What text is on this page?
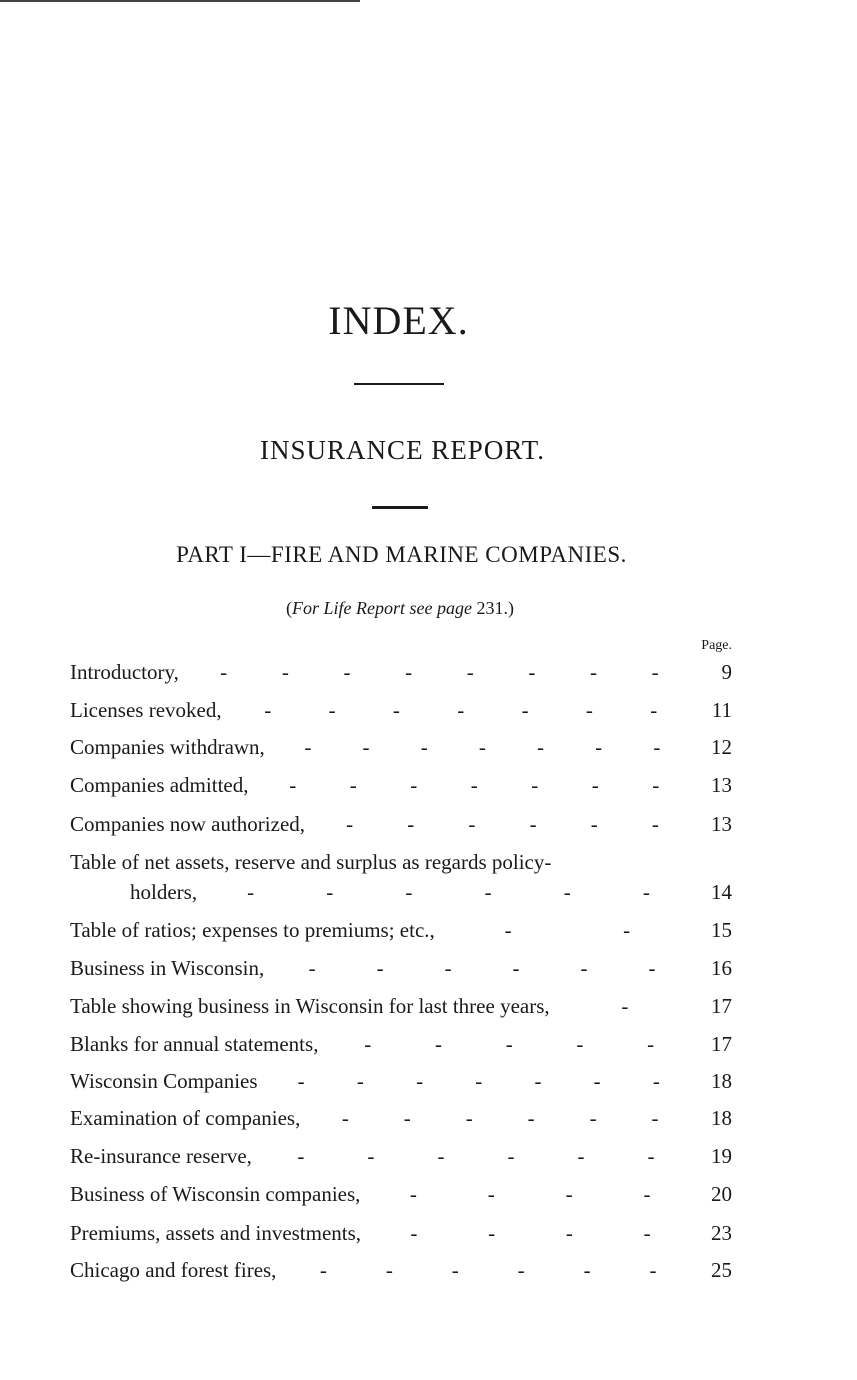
INDEX.
INSURANCE REPORT.
PART I—FIRE AND MARINE COMPANIES.
(For Life Report see page 231.)
Page.
Introductory, -	-	-	-	-	-	-	-	9
Licenses revoked, -	-	-	-	-	-	-	11
Companies withdrawn, - - - - - - -	12
Companies admitted, -	-	-	-	-	-	-	13
Companies now authorized, -	-	-	-	-	-	13
Table of net assets, reserve and surplus as regards policy-
holders, -	-	-	-	-	-	14
Table of ratios; expenses to premiums; etc.,	-	-	15
Business in Wisconsin, -	-	-	-	-	-	16
Table showing business in Wisconsin for last three years,	-	17
Blanks for annual statements, -	-	-	-	-	17
Wisconsin Companies - - - - - - -	18
Examination of companies, -	-	-	-	-	-	18
Re-insurance reserve, -	-	-	-	-	-	19
Business of Wisconsin companies, -	-	-	-	20
Premiums, assets and investments, -	-	-	-	23
Chicago and forest fires, -	-	-	-	-	-	25
